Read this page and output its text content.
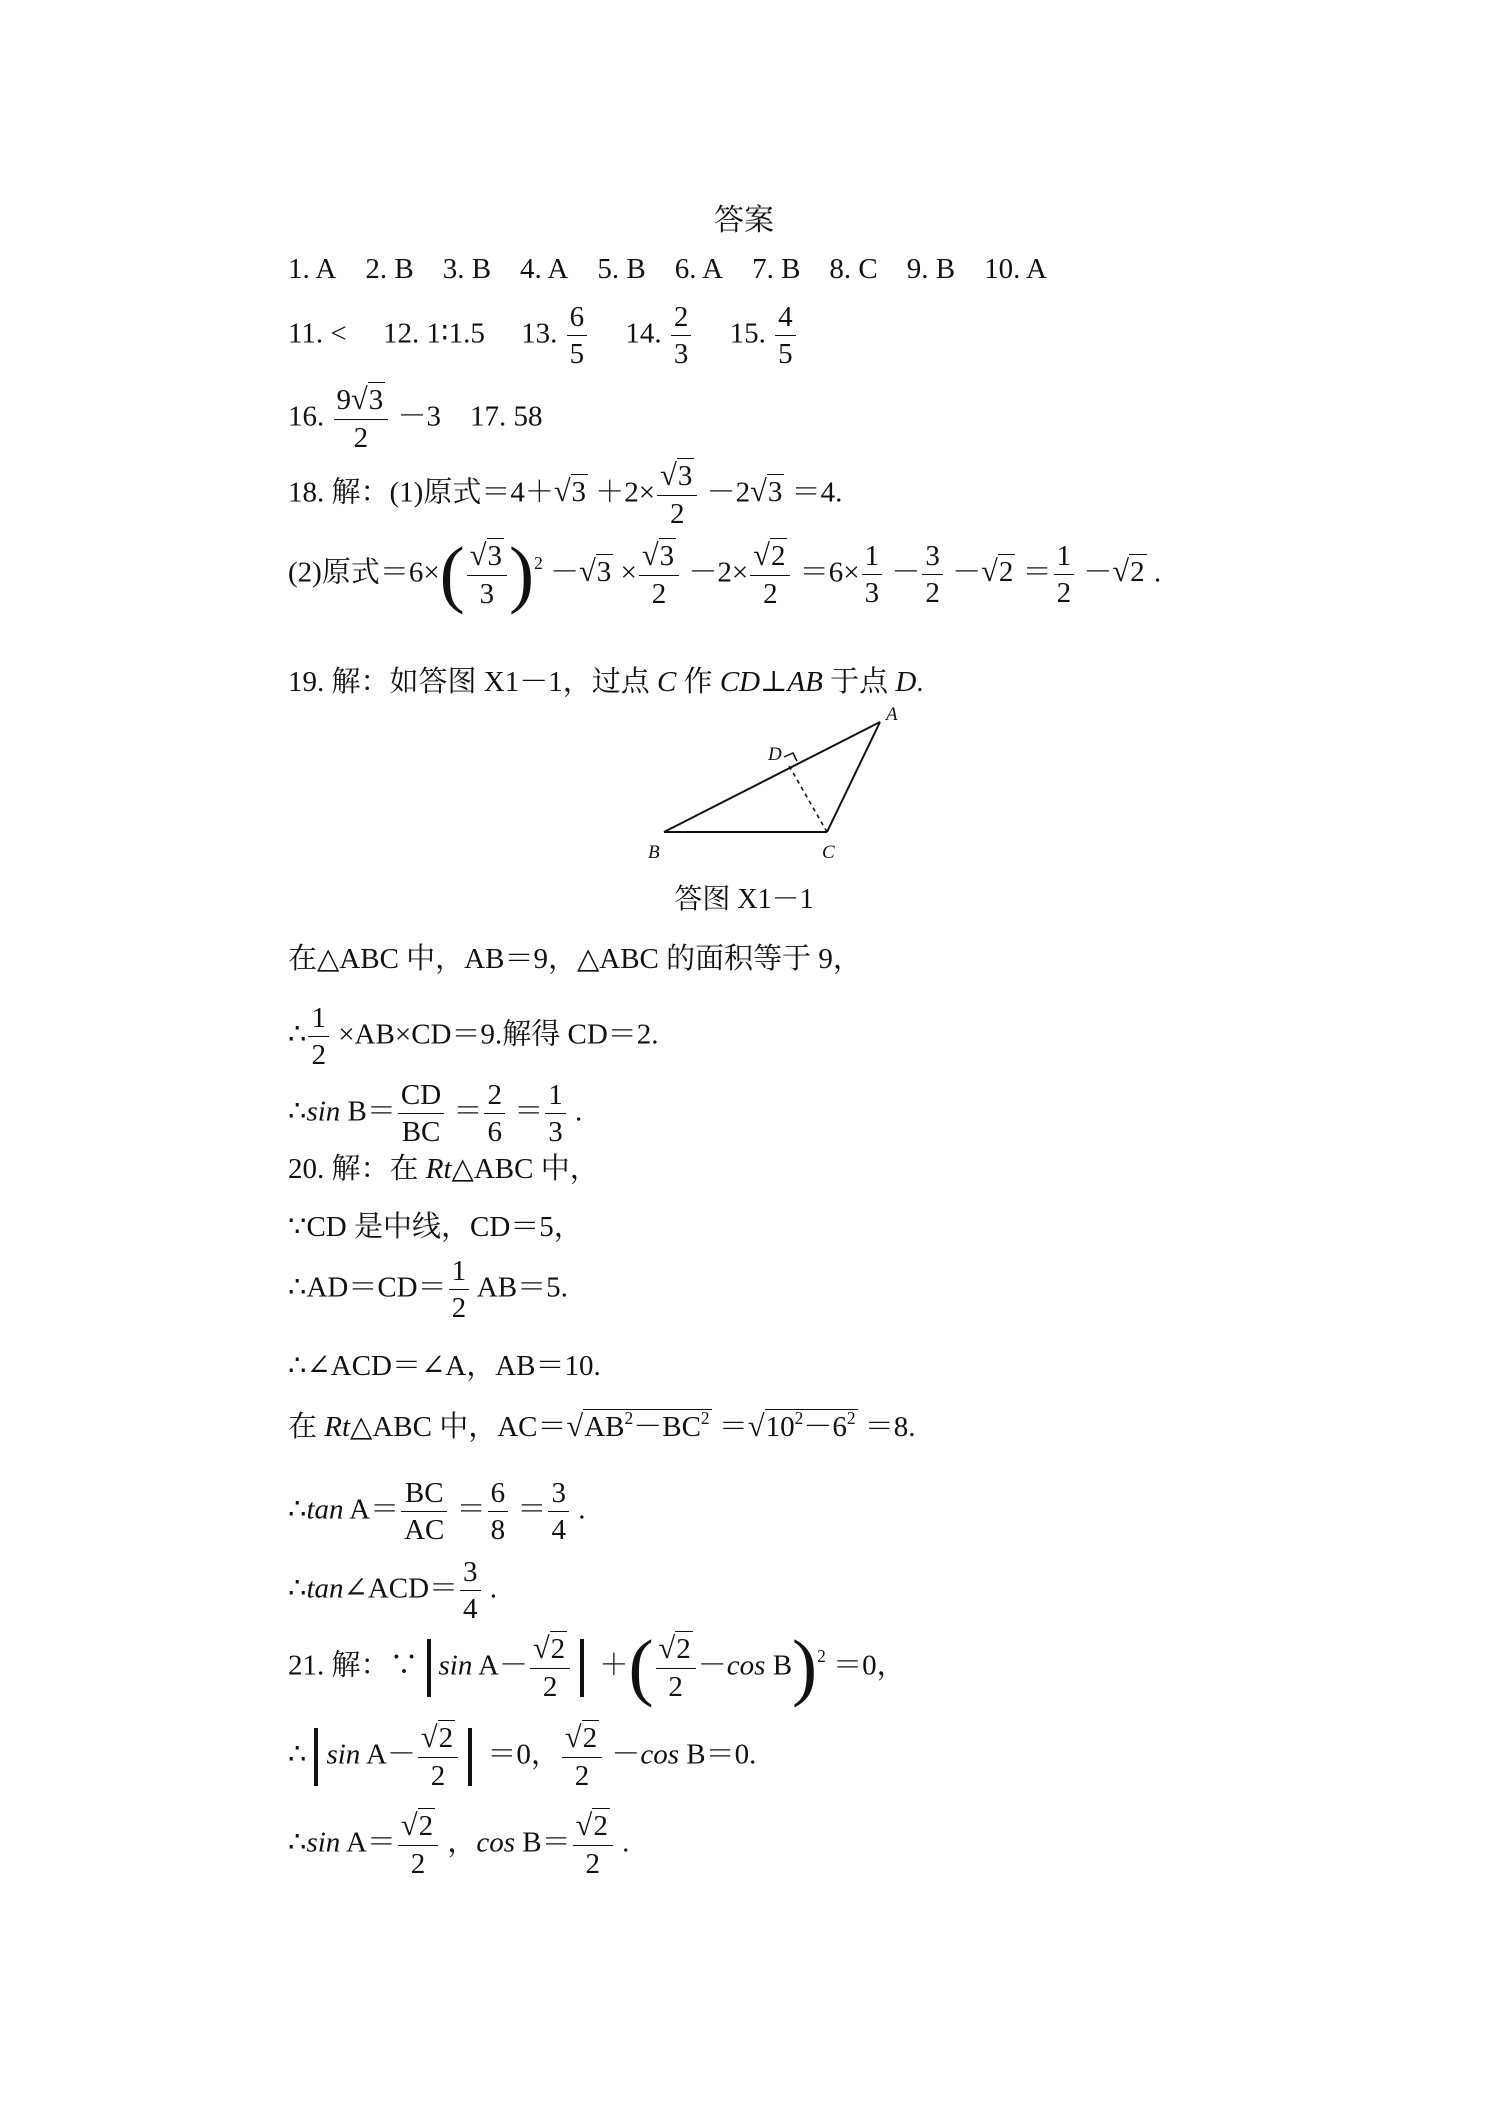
答案
1. A 2. B 3. B 4. A 5. B 6. A 7. B 8. C 9. B 10. A
11. < 12. 1∶1.5 13. $\frac{6}{5} 14$. $\frac{2}{3} 15$. $\frac{4}{5}$
16. $\frac{9√3}{2} -3$ 17. 58
18. 解：(1)原式$=4+√3 +2\times \frac{√3}{2} -2√3 =4$.
(2)原式$=6\times( \frac{√3}{3} )^2 -√3 \times \frac{√3}{2} -2\times \frac{√2}{2} =6\times \frac{1}{3} - \frac{3}{2} -√2 = \frac{1}{2} -√2$ .
19. 解：如答图 X1－1，过点 C 作 CD⊥AB 于点 D.
A
B	C
D
答图 X1－1
在△ABC 中，AB＝9，△ABC 的面积等于 9，
∴ $\frac{1}{2} \times AB\times CD=9$.解得 CD＝2.
∴sin $B= \frac{CD}{BC} = \frac{2}{6} = \frac{1}{3}$ .
20. 解：在 Rt△ABC 中，
∵CD 是中线，CD＝5，
∴AD＝CD＝ $\frac{1}{2} AB=5$.
∴∠ACD＝∠A，AB＝10.
在 Rt△ABC 中，$AC=√AB^2-BC^2 =√10^2-6^2 =8$.
∴tan $A= \frac{BC}{AC} = \frac{6}{8} = \frac{3}{4}$ .
∴tan∠ACD＝ $\frac{3}{4}$ .
21. 解：∵ $\sin A- \frac{√2}{2}$ ＋( $\frac{√2}{2} -\cos$ B)$^2$ ＝0，
∴ $\sin A- \frac{√2}{2} =0$， $\frac{√2}{2} -\cos$ B＝0.
∴sin $A= \frac{√2}{2}$ ，$\cos B= \frac{√2}{2}$ .
